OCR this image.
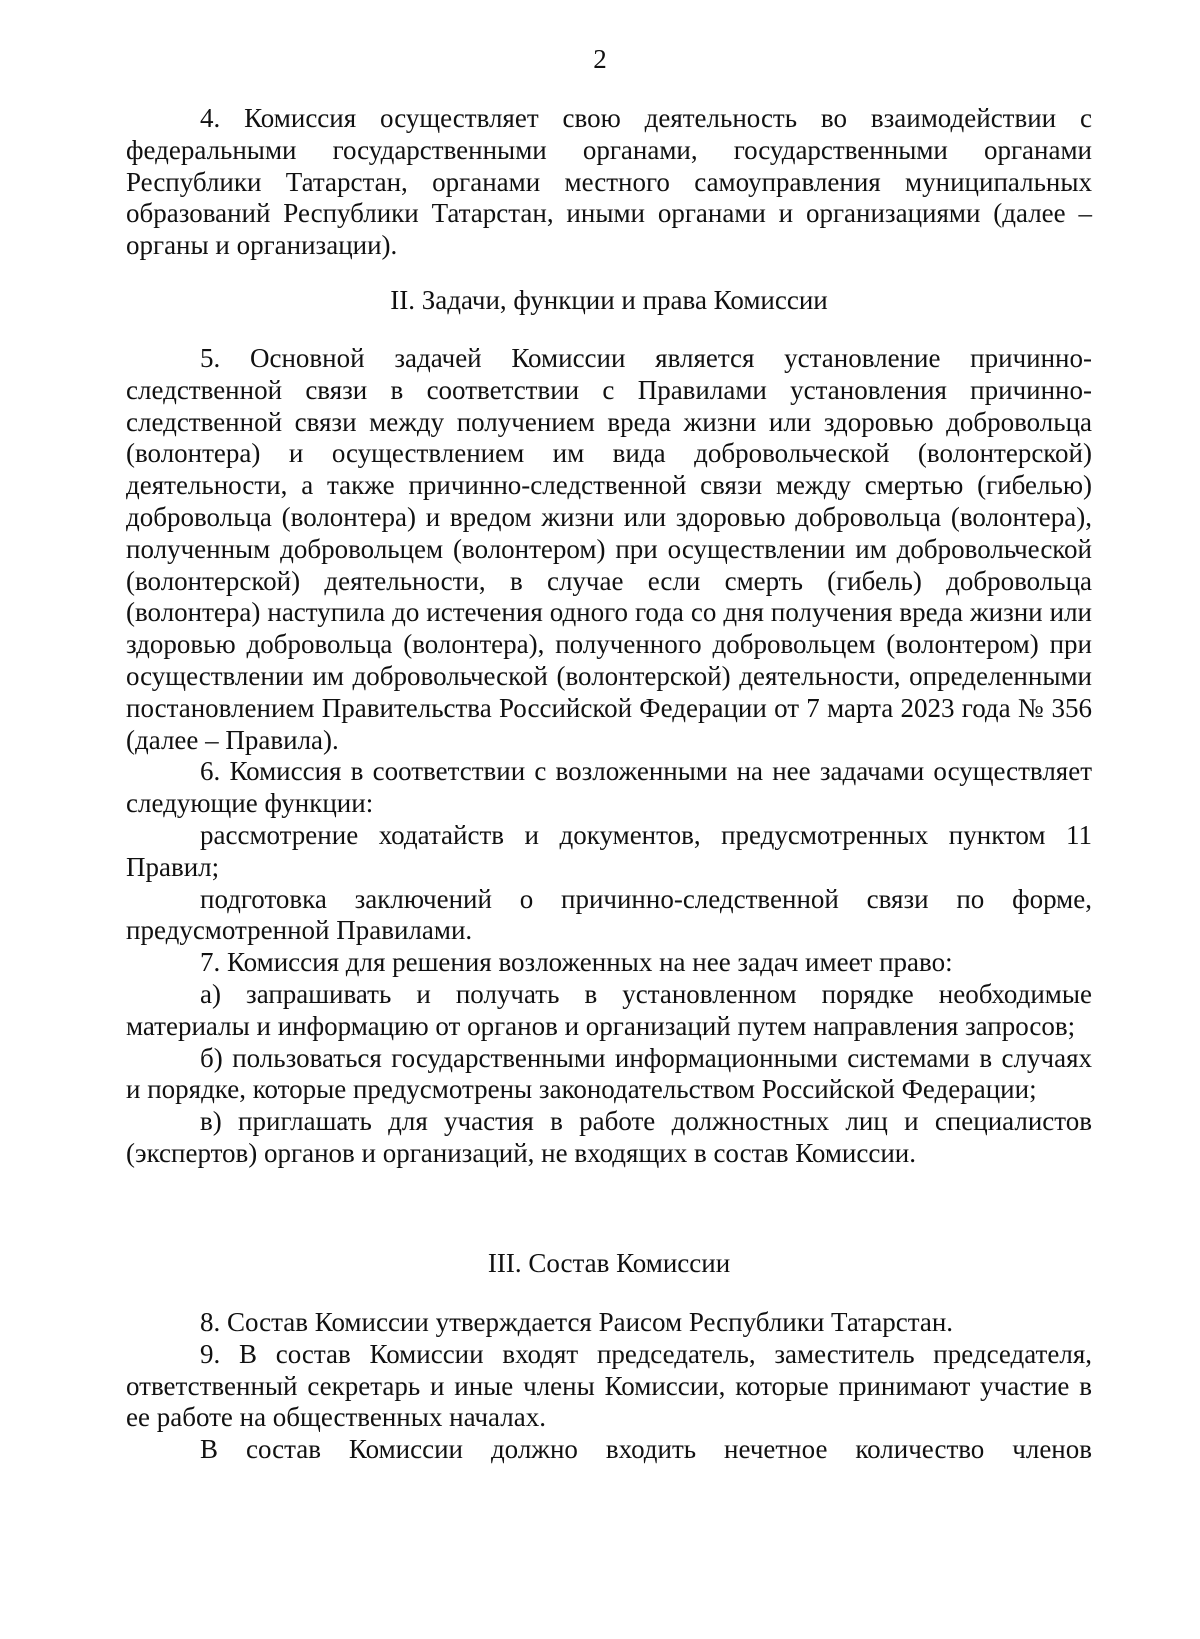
2

4. Комиссия осуществляет свою деятельность во взаимодействии с федеральными государственными органами, государственными органами Республики Татарстан, органами местного самоуправления муниципальных образований Республики Татарстан, иными органами и организациями (далее – органы и организации).

II. Задачи, функции и права Комиссии

5. Основной задачей Комиссии является установление причинно-следственной связи в соответствии с Правилами установления причинно-следственной связи между получением вреда жизни или здоровью добровольца (волонтера) и осуществлением им вида добровольческой (волонтерской) деятельности, а также причинно-следственной связи между смертью (гибелью) добровольца (волонтера) и вредом жизни или здоровью добровольца (волонтера), полученным добровольцем (волонтером) при осуществлении им добровольческой (волонтерской) деятельности, в случае если смерть (гибель) добровольца (волонтера) наступила до истечения одного года со дня получения вреда жизни или здоровью добровольца (волонтера), полученного добровольцем (волонтером) при осуществлении им добровольческой (волонтерской) деятельности, определенными постановлением Правительства Российской Федерации от 7 марта 2023 года № 356 (далее – Правила).

6. Комиссия в соответствии с возложенными на нее задачами осуществляет следующие функции:

рассмотрение ходатайств и документов, предусмотренных пунктом 11 Правил;

подготовка заключений о причинно-следственной связи по форме, предусмотренной Правилами.

7. Комиссия для решения возложенных на нее задач имеет право:

а) запрашивать и получать в установленном порядке необходимые материалы и информацию от органов и организаций путем направления запросов;

б) пользоваться государственными информационными системами в случаях и порядке, которые предусмотрены законодательством Российской Федерации;

в) приглашать для участия в работе должностных лиц и специалистов (экспертов) органов и организаций, не входящих в состав Комиссии.

III. Состав Комиссии

8. Состав Комиссии утверждается Раисом Республики Татарстан.

9. В состав Комиссии входят председатель, заместитель председателя, ответственный секретарь и иные члены Комиссии, которые принимают участие в ее работе на общественных началах.

В состав Комиссии должно входить нечетное количество членов
